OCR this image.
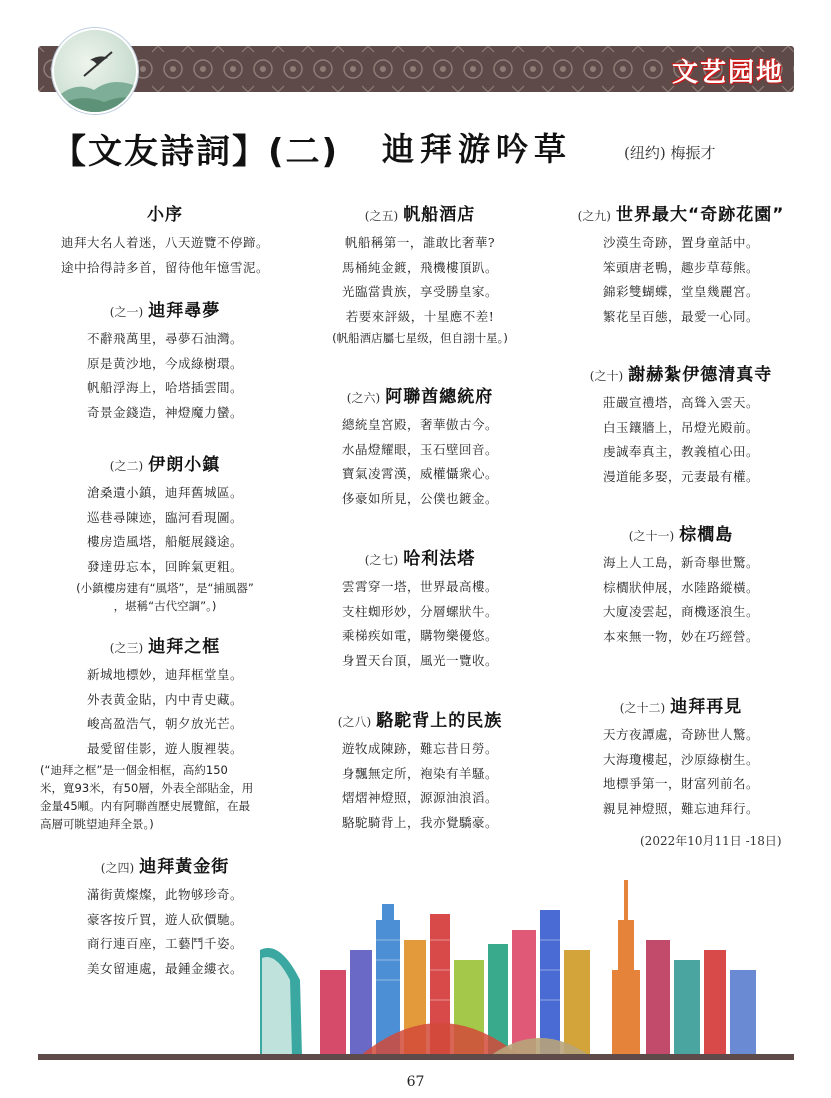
文艺园地
【文友詩詞】(二) 迪拜游吟草	(纽约) 梅振才
小序
迪拜大名人着迷，八天遊覽不停蹄。
途中拾得詩多首，留待他年憶雪泥。
(之一) 迪拜尋夢
不辭飛萬里，尋夢石油灣。
原是黄沙地，今成綠樹環。
帆船浮海上，哈塔插雲間。
奇景金錢造，神燈魔力蠻。
(之二) 伊朗小鎮
滄桑遺小鎮，迪拜舊城區。
巡巷尋陳迹，臨河看現圖。
樓房造風塔，船艇展錢途。
發達毋忘本，回眸氣更粗。
(小鎮樓房建有“風塔”，是“捕風器”
，堪稱“古代空調”。)
(之三) 迪拜之框
新城地標妙，迪拜框堂皇。
外表黄金貼，内中青史藏。
峻高盈浩气，朝夕放光芒。
最愛留佳影，遊人腹裡裝。
(“迪拜之框”是一個金相框，高約150
米，寬93米，有50層，外表全部貼金，用
金量45噸。内有阿聯酋歷史展覽館，在最
高層可眺望迪拜全景。)
(之四) 迪拜黃金街
滿街黄燦燦，此物够珍奇。
豪客按斤買，遊人砍價馳。
商行連百座，工藝鬥千姿。
美女留連處，最鍾金縷衣。
(之五) 帆船酒店
帆船稱第一，誰敢比奢華?
馬桶純金鍍，飛機樓頂趴。
光臨當貴族，享受勝皇家。
若要來評級，十星應不差!
(帆船酒店屬七星级，但自詡十星。)
(之六) 阿聯酋總統府
總統皇宮殿，奢華傲古今。
水晶燈耀眼，玉石壁回音。
寶氣凌霄漢，威權懾衆心。
侈豪如所見，公僕也鍍金。
(之七) 哈利法塔
雲霄穿一塔，世界最高樓。
支柱蜘形妙，分層螺狀牛。
乘梯疾如電，購物樂優悠。
身置天台頂，風光一覽收。
(之八) 駱駝背上的民族
遊牧成陳跡，難忘昔日勞。
身飄無定所，袍染有羊騷。
熠熠神燈照，源源油浪滔。
駱駝騎背上，我亦覺驕豪。
(之九) 世界最大“奇跡花園”
沙漠生奇跡，置身童話中。
笨頭唐老鴨，趣步草莓熊。
錦彩雙蝴蝶，堂皇幾麗宮。
繁花呈百態，最愛一心同。
(之十) 謝赫紮伊德清真寺
莊嚴宣禮塔，高聳入雲天。
白玉鑲牆上，吊燈光殿前。
虔誠奉真主，教義植心田。
漫道能多娶，元妻最有權。
(之十一) 棕櫚島
海上人工島，新奇舉世驚。
棕櫚狀伸展，水陸路縱橫。
大廈凌雲起，商機逐浪生。
本來無一物，妙在巧經營。
(之十二) 迪拜再見
天方夜譚處，奇跡世人驚。
大海瓊樓起，沙原綠樹生。
地標爭第一，財富列前名。
親見神燈照，難忘迪拜行。
(2022年10月11日 -18日)
67
